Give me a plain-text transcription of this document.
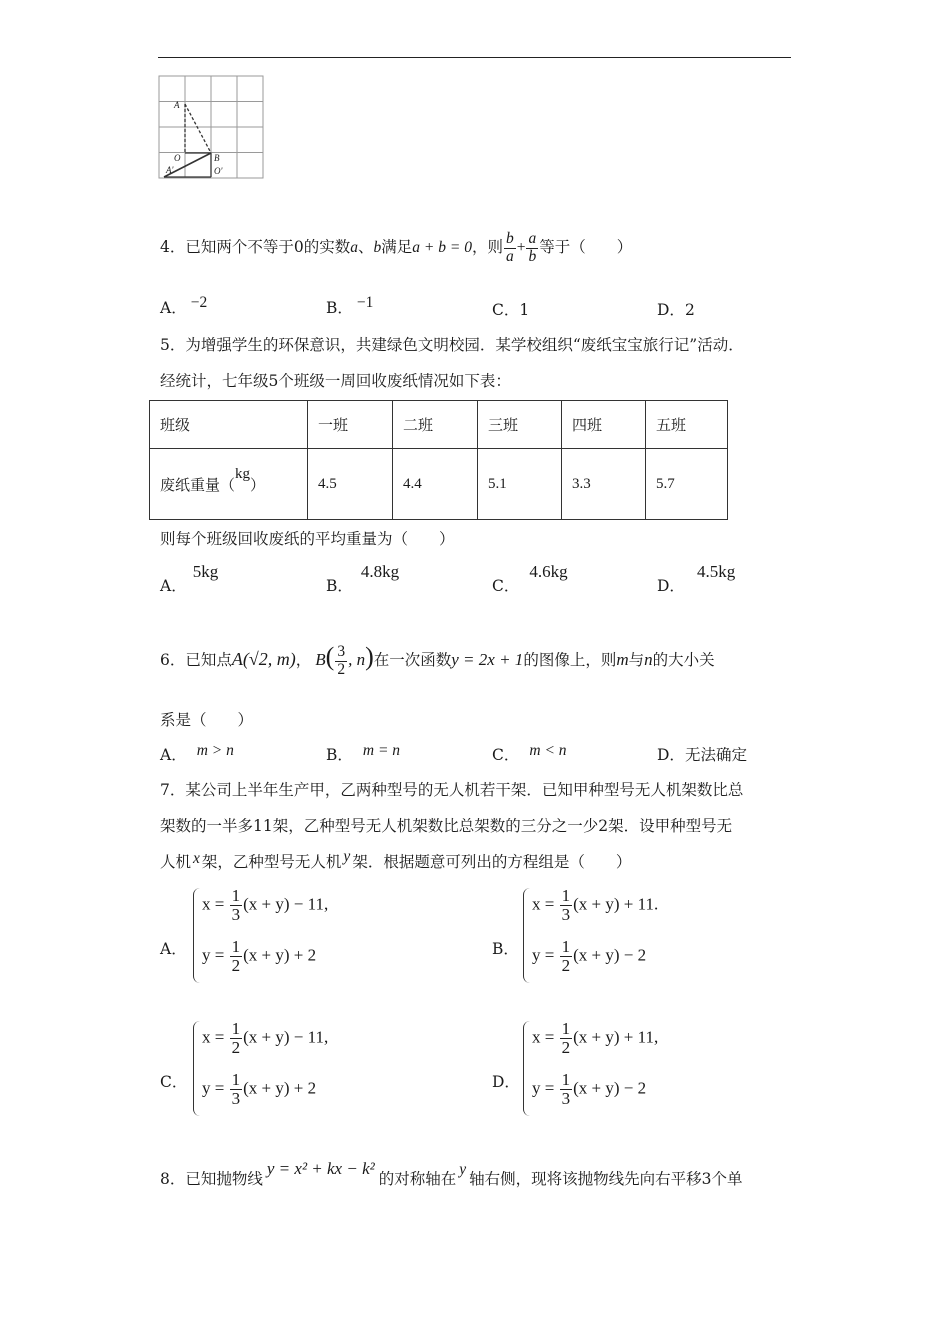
A
O	B
A'	O'
4．已知两个不等于0的实数a、b满足a + b = 0，则 $\frac{b}{a} + \frac{a}{b}$ 等于（　　）
A． −2	B． −1	C．1	D．2
5．为增强学生的环保意识，共建绿色文明校园．某学校组织“废纸宝宝旅行记”活动．
经统计，七年级5个班级一周回收废纸情况如下表：
班级	一班	二班	三班	四班	五班
废纸重量（kg）	4.5	4.4	5.1	3.3	5.7
则每个班级回收废纸的平均重量为（　　）
A．5kg
B．4.8kg
C．4.6kg
D．4.5kg
6．已知点A(√2, m)， $B( \frac{3}{2}$ , n)在一次函数y = 2x + 1的图像上，则m与n的大小关
系是（　　）
A． m > n	B． m = n	C． m < n	D．无法确定
7．某公司上半年生产甲，乙两种型号的无人机若干架．已知甲种型号无人机架数比总
架数的一半多11架，乙种型号无人机架数比总架数的三分之一少2架．设甲种型号无
人机 x 架，乙种型号无人机 y 架．根据题意可列出的方程组是（　　）
A．
$x = \frac{1}{3} (x + y) - 11$,
$y = \frac{1}{2} (x + y) + 2$	B．
$x = \frac{1}{3} (x + y) + 11$.
$y = \frac{1}{2} (x + y) - 2$
C．
$x = \frac{1}{2} (x + y) - 11$,
$y = \frac{1}{3} (x + y) + 2$	D．
$x = \frac{1}{2} (x + y) + 11$,
$y = \frac{1}{3} (x + y) - 2$
8．已知抛物线y = x² + kx − k²的对称轴在y轴右侧，现将该抛物线先向右平移3个单
